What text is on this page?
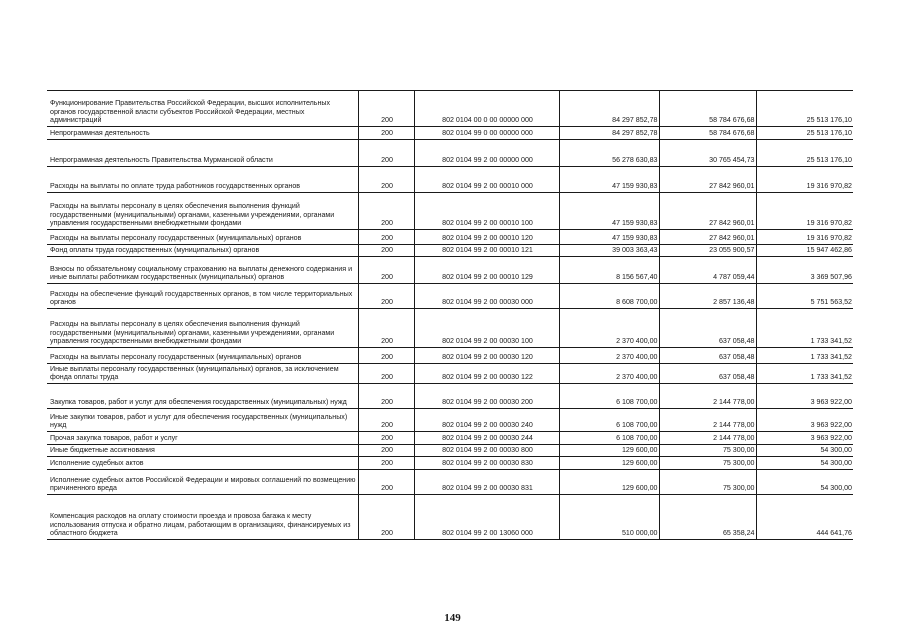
Функционирование Правительства Российской Федерации, высших исполнительных органов государственной власти субъектов Российской Федерации, местных администраций	200	802 0104 00 0 00 00000 000	84 297 852,78	58 784 676,68	25 513 176,10
Непрограммная деятельность	200	802 0104 99 0 00 00000 000	84 297 852,78	58 784 676,68	25 513 176,10
Непрограммная деятельность Правительства Мурманской области	200	802 0104 99 2 00 00000 000	56 278 630,83	30 765 454,73	25 513 176,10
Расходы на выплаты по оплате труда работников государственных органов	200	802 0104 99 2 00 00010 000	47 159 930,83	27 842 960,01	19 316 970,82
Расходы на выплаты персоналу в целях обеспечения выполнения функций государственными (муниципальными) органами, казенными учреждениями, органами управления государственными внебюджетными фондами	200	802 0104 99 2 00 00010 100	47 159 930,83	27 842 960,01	19 316 970,82
Расходы на выплаты персоналу государственных (муниципальных) органов	200	802 0104 99 2 00 00010 120	47 159 930,83	27 842 960,01	19 316 970,82
Фонд оплаты труда государственных (муниципальных) органов	200	802 0104 99 2 00 00010 121	39 003 363,43	23 055 900,57	15 947 462,86
Взносы по обязательному социальному страхованию на выплаты денежного содержания и иные выплаты работникам государственных (муниципальных) органов	200	802 0104 99 2 00 00010 129	8 156 567,40	4 787 059,44	3 369 507,96
Расходы на обеспечение функций государственных органов, в том числе территориальных органов	200	802 0104 99 2 00 00030 000	8 608 700,00	2 857 136,48	5 751 563,52
Расходы на выплаты персоналу в целях обеспечения выполнения функций государственными (муниципальными) органами, казенными учреждениями, органами управления государственными внебюджетными фондами	200	802 0104 99 2 00 00030 100	2 370 400,00	637 058,48	1 733 341,52
Расходы на выплаты персоналу государственных (муниципальных) органов	200	802 0104 99 2 00 00030 120	2 370 400,00	637 058,48	1 733 341,52
Иные выплаты персоналу государственных (муниципальных) органов, за исключением фонда оплаты труда	200	802 0104 99 2 00 00030 122	2 370 400,00	637 058,48	1 733 341,52
Закупка товаров, работ и услуг для обеспечения государственных (муниципальных) нужд	200	802 0104 99 2 00 00030 200	6 108 700,00	2 144 778,00	3 963 922,00
Иные закупки товаров, работ и услуг для обеспечения государственных (муниципальных) нужд	200	802 0104 99 2 00 00030 240	6 108 700,00	2 144 778,00	3 963 922,00
Прочая закупка товаров, работ и услуг	200	802 0104 99 2 00 00030 244	6 108 700,00	2 144 778,00	3 963 922,00
Иные бюджетные ассигнования	200	802 0104 99 2 00 00030 800	129 600,00	75 300,00	54 300,00
Исполнение судебных актов	200	802 0104 99 2 00 00030 830	129 600,00	75 300,00	54 300,00
Исполнение судебных актов Российской Федерации и мировых соглашений по возмещению причиненного вреда	200	802 0104 99 2 00 00030 831	129 600,00	75 300,00	54 300,00
Компенсация расходов на оплату стоимости проезда и провоза багажа к месту использования отпуска и обратно лицам, работающим в организациях, финансируемых из областного бюджета	200	802 0104 99 2 00 13060 000	510 000,00	65 358,24	444 641,76
149
